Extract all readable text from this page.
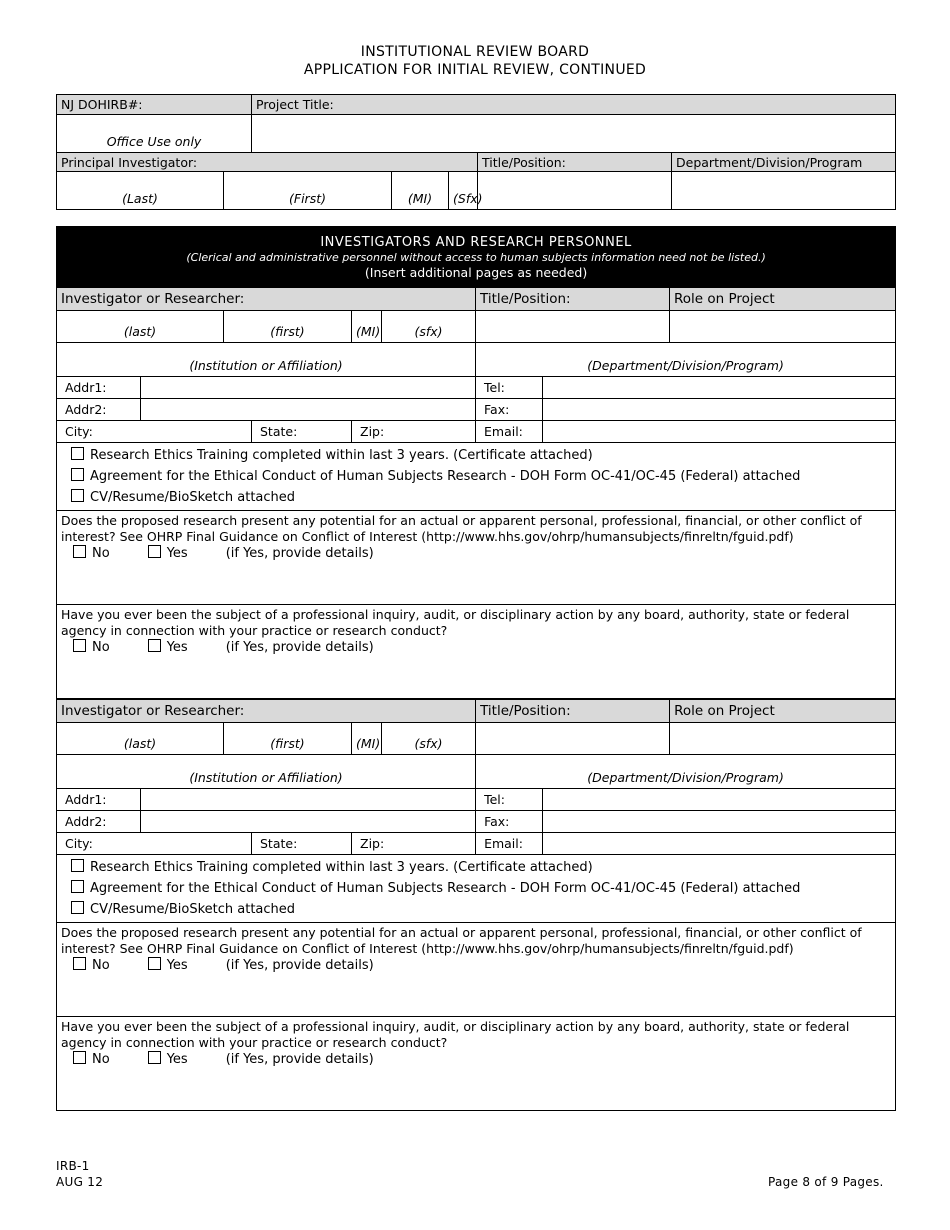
INSTITUTIONAL REVIEW BOARD
APPLICATION FOR INITIAL REVIEW, CONTINUED
NJ DOHIRB#:		Project Title:				
Office Use only						
Principal Investigator:					Title/Position:	Department/Division/Program
(Last)	(First)		(MI)	(Sfx)		
INVESTIGATORS AND RESEARCH PERSONNEL
(Clerical and administrative personnel without access to human subjects information need not be listed.)
(Insert additional pages as needed)								

Investigator or Researcher:						Title/Position:		Role on Project
(last)		(first)		(MI)	(sfx)			
(Institution or Affiliation)						(Department/Division/Program)		
Addr1:						Tel:		
Addr2:						Fax:		
City:			State:	Zip:		Email:		

Research Ethics Training completed within last 3 years. (Certificate attached)
Agreement for the Ethical Conduct of Human Subjects Research - DOH Form OC-41/OC-45 (Federal) attached
CV/Resume/BioSketch attached								

Does the proposed research present any potential for an actual or apparent personal, professional, financial, or other conflict of interest? See OHRP Final Guidance on Conflict of Interest (http://www.hhs.gov/ohrp/humansubjects/finreltn/fguid.pdf)
No Yes (if Yes, provide details)								

Have you ever been the subject of a professional inquiry, audit, or disciplinary action by any board, authority, state or federal agency in connection with your practice or research conduct?
No Yes (if Yes, provide details)								
Investigator or Researcher:						Title/Position:		Role on Project
(last)		(first)		(MI)	(sfx)			
(Institution or Affiliation)						(Department/Division/Program)		
Addr1:						Tel:		
Addr2:						Fax:		
City:			State:	Zip:		Email:		

Research Ethics Training completed within last 3 years. (Certificate attached)
Agreement for the Ethical Conduct of Human Subjects Research - DOH Form OC-41/OC-45 (Federal) attached
CV/Resume/BioSketch attached								

Does the proposed research present any potential for an actual or apparent personal, professional, financial, or other conflict of interest? See OHRP Final Guidance on Conflict of Interest (http://www.hhs.gov/ohrp/humansubjects/finreltn/fguid.pdf)
No Yes (if Yes, provide details)								

Have you ever been the subject of a professional inquiry, audit, or disciplinary action by any board, authority, state or federal agency in connection with your practice or research conduct?
No Yes (if Yes, provide details)								
IRB-1
AUG 12	Page 8 of 9 Pages.
